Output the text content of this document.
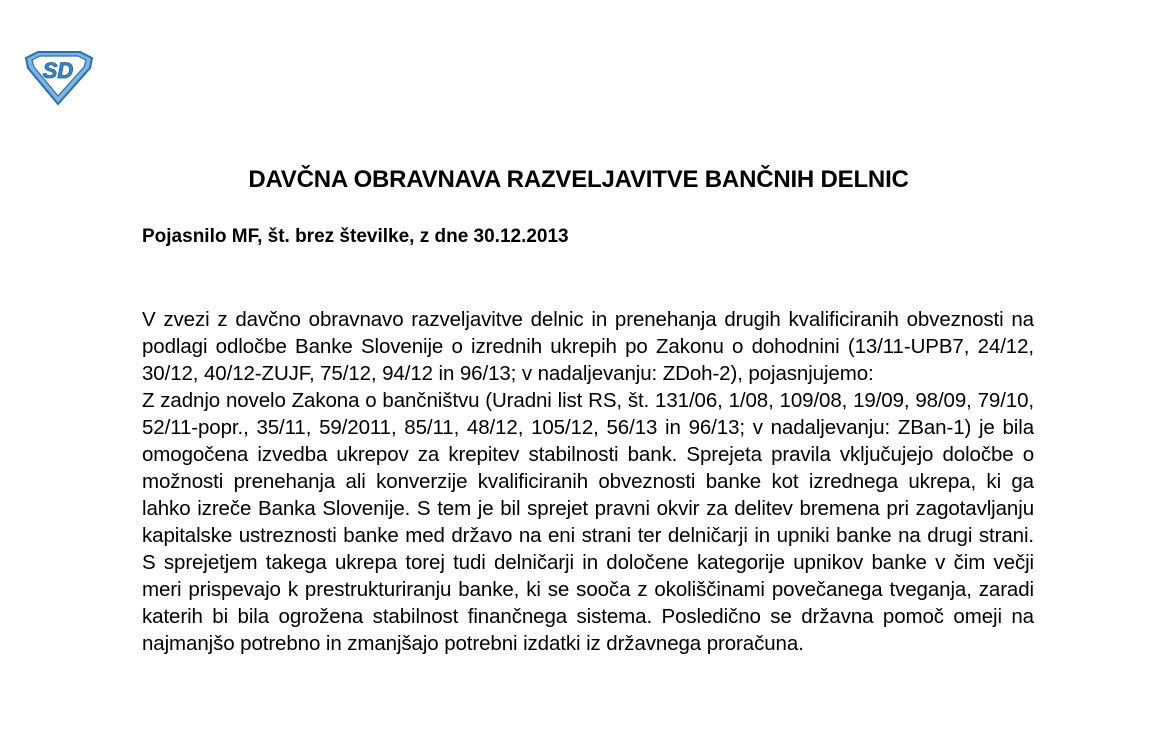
SD
DAVČNA OBRAVNAVA RAZVELJAVITVE BANČNIH DELNIC
Pojasnilo MF, št. brez številke, z dne 30.12.2013

V zvezi z davčno obravnavo razveljavitve delnic in prenehanja drugih kvalificiranih obveznosti na podlagi odločbe Banke Slovenije o izrednih ukrepih po Zakonu o dohodnini (13/11-UPB7, 24/12, 30/12, 40/12-ZUJF, 75/12, 94/12 in 96/13; v nadaljevanju: ZDoh-2), pojasnjujemo:

Z zadnjo novelo Zakona o bančništvu (Uradni list RS, št. 131/06, 1/08, 109/08, 19/09, 98/09, 79/10, 52/11-popr., 35/11, 59/2011, 85/11, 48/12, 105/12, 56/13 in 96/13; v nadaljevanju: ZBan-1) je bila omogočena izvedba ukrepov za krepitev stabilnosti bank. Sprejeta pravila vključujejo določbe o možnosti prenehanja ali konverzije kvalificiranih obveznosti banke kot izrednega ukrepa, ki ga lahko izreče Banka Slovenije. S tem je bil sprejet pravni okvir za delitev bremena pri zagotavljanju kapitalske ustreznosti banke med državo na eni strani ter delničarji in upniki banke na drugi strani. S sprejetjem takega ukrepa torej tudi delničarji in določene kategorije upnikov banke v čim večji meri prispevajo k prestrukturiranju banke, ki se sooča z okoliščinami povečanega tveganja, zaradi katerih bi bila ogrožena stabilnost finančnega sistema. Posledično se državna pomoč omeji na najmanjšo potrebno in zmanjšajo potrebni izdatki iz državnega proračuna.
